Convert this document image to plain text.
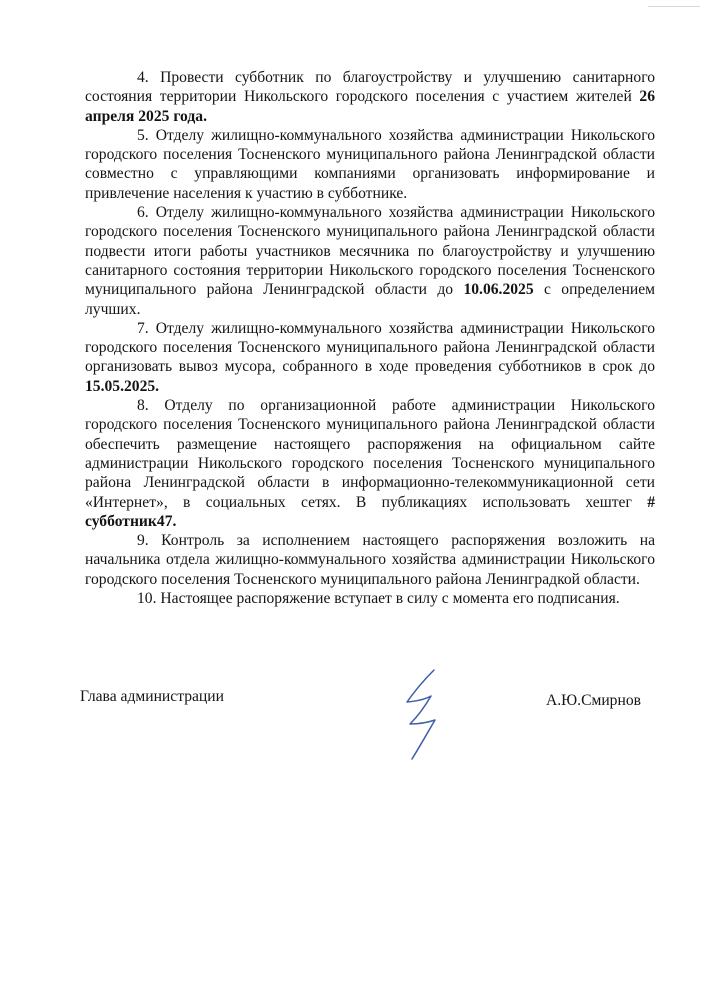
4. Провести субботник по благоустройству и улучшению санитарного состояния территории Никольского городского поселения с участием жителей 26 апреля 2025 года.

5. Отделу жилищно-коммунального хозяйства администрации Никольского городского поселения Тосненского муниципального района Ленинградской области совместно с управляющими компаниями организовать информирование и привлечение населения к участию в субботнике.

6. Отделу жилищно-коммунального хозяйства администрации Никольского городского поселения Тосненского муниципального района Ленинградской области подвести итоги работы участников месячника по благоустройству и улучшению санитарного состояния территории Никольского городского поселения Тосненского муниципального района Ленинградской области до 10.06.2025 с определением лучших.

7. Отделу жилищно-коммунального хозяйства администрации Никольского городского поселения Тосненского муниципального района Ленинградской области организовать вывоз мусора, собранного в ходе проведения субботников в срок до 15.05.2025.

8. Отделу по организационной работе администрации Никольского городского поселения Тосненского муниципального района Ленинградской области обеспечить размещение настоящего распоряжения на официальном сайте администрации Никольского городского поселения Тосненского муниципального района Ленинградской области в информационно-телекоммуникационной сети «Интернет», в социальных сетях. В публикациях использовать хештег # субботник47.

9. Контроль за исполнением настоящего распоряжения возложить на начальника отдела жилищно-коммунального хозяйства администрации Никольского городского поселения Тосненского муниципального района Ленинградкой области.

10. Настоящее распоряжение вступает в силу с момента его подписания.

Глава администрации	А.Ю.Смирнов
